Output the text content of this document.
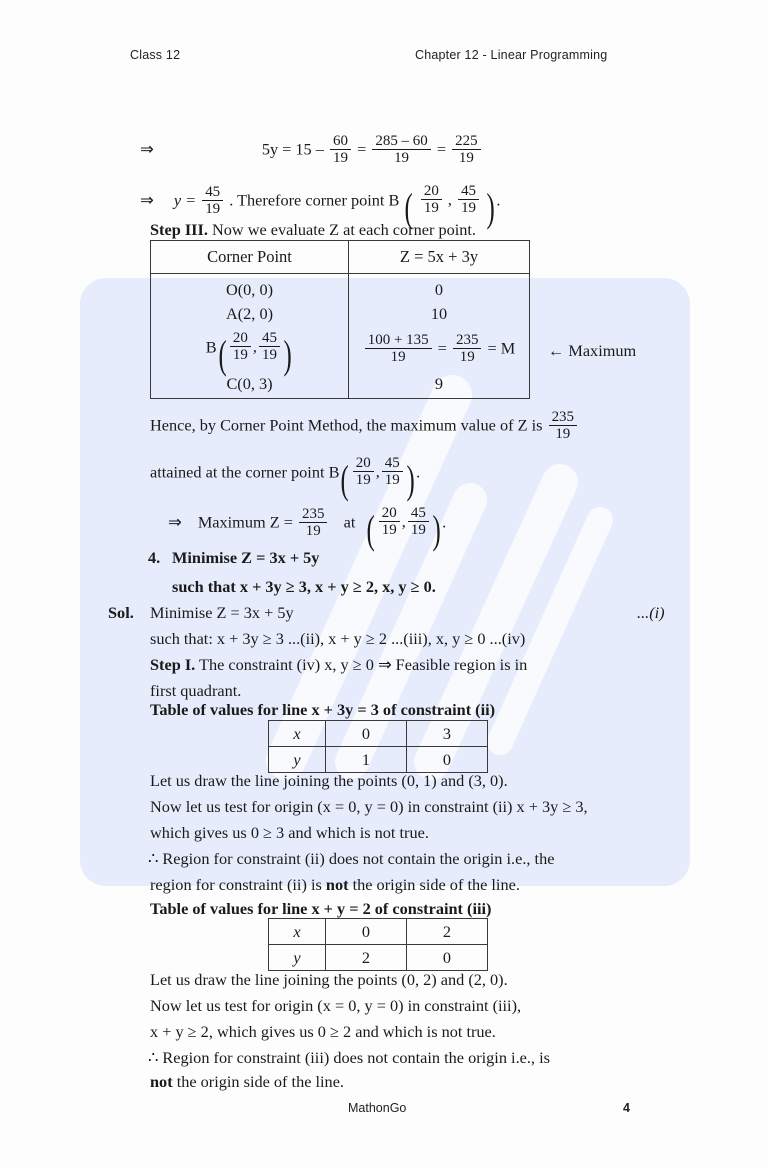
Class 12	Chapter 12 - Linear Programming
⇒	$5y = 15 - \frac{60}{19} = \frac{285 - 60}{19} = \frac{225}{19}$
⇒ $y = \frac{45}{19}$ . Therefore corner point B ( $\frac{20}{19}$ , $\frac{45}{19}$ ).
Step III. Now we evaluate Z at each corner point.
Corner Point	Z = 5x + 3y
O(0, 0)	0
A(2, 0)	10
$B( \frac{20}{19}$ , $\frac{45}{19}$ )	$\frac{100 + 135}{19} = \frac{235}{19} = M$
C(0, 3)	9
← Maximum
Hence, by Corner Point Method, the maximum value of Z is $\frac{235}{19}$
attained at the corner point $B( \frac{20}{19}$ , $\frac{45}{19}$ ).
⇒ Maximum $Z = \frac{235}{19}$ at ( $\frac{20}{19}$ , $\frac{45}{19}$ ).
4. Minimise Z = 3x + 5y
such that x + 3y ≥ 3, x + y ≥ 2, x, y ≥ 0.
Sol. Minimise Z = 3x + 5y	...(i)
such that: x + 3y ≥ 3 ...(ii), x + y ≥ 2 ...(iii), x, y ≥ 0 ...(iv)
Step I. The constraint (iv) x, y ≥ 0 ⇒ Feasible region is in
first quadrant.
Table of values for line x + 3y = 3 of constraint (ii)
x	0	3
y	1	0
Let us draw the line joining the points (0, 1) and (3, 0).
Now let us test for origin (x = 0, y = 0) in constraint (ii) x + 3y ≥ 3,
which gives us 0 ≥ 3 and which is not true.
∴ Region for constraint (ii) does not contain the origin i.e., the
region for constraint (ii) is not the origin side of the line.
Table of values for line x + y = 2 of constraint (iii)
x	0	2
y	2	0
Let us draw the line joining the points (0, 2) and (2, 0).
Now let us test for origin (x = 0, y = 0) in constraint (iii),
x + y ≥ 2, which gives us 0 ≥ 2 and which is not true.
∴ Region for constraint (iii) does not contain the origin i.e., is
not the origin side of the line.
MathonGo	4
